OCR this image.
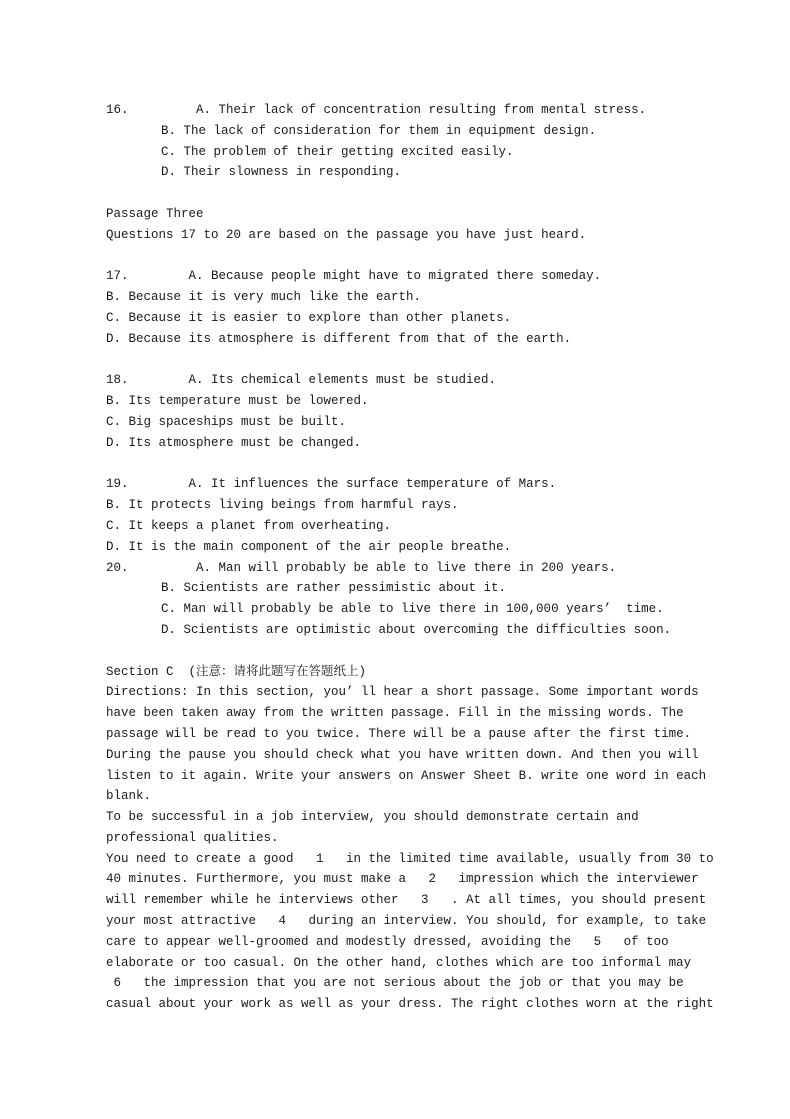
16.         A. Their lack of concentration resulting from mental stress.
B. The lack of consideration for them in equipment design.
C. The problem of their getting excited easily.
D. Their slowness in responding.
Passage Three
Questions 17 to 20 are based on the passage you have just heard.
17.        A. Because people might have to migrated there someday.
B. Because it is very much like the earth.
C. Because it is easier to explore than other planets.
D. Because its atmosphere is different from that of the earth.
18.        A. Its chemical elements must be studied.
B. Its temperature must be lowered.
C. Big spaceships must be built.
D. Its atmosphere must be changed.
19.        A. It influences the surface temperature of Mars.
B. It protects living beings from harmful rays.
C. It keeps a planet from overheating.
D. It is the main component of the air people breathe.
20.         A. Man will probably be able to live there in 200 years.
B. Scientists are rather pessimistic about it.
C. Man will probably be able to live there in 100,000 years’  time.
D. Scientists are optimistic about overcoming the difficulties soon.
Section C  (注意：请将此题写在答题纸上)
Directions: In this section, you’ ll hear a short passage. Some important words
have been taken away from the written passage. Fill in the missing words. The
passage will be read to you twice. There will be a pause after the first time.
During the pause you should check what you have written down. And then you will
listen to it again. Write your answers on Answer Sheet B. write one word in each
blank.
To be successful in a job interview, you should demonstrate certain and
professional qualities.
You need to create a good   1   in the limited time available, usually from 30 to
40 minutes. Furthermore, you must make a   2   impression which the interviewer
will remember while he interviews other   3   . At all times, you should present
your most attractive   4   during an interview. You should, for example, to take
care to appear well-groomed and modestly dressed, avoiding the   5   of too
elaborate or too casual. On the other hand, clothes which are too informal may
6   the impression that you are not serious about the job or that you may be
casual about your work as well as your dress. The right clothes worn at the right
